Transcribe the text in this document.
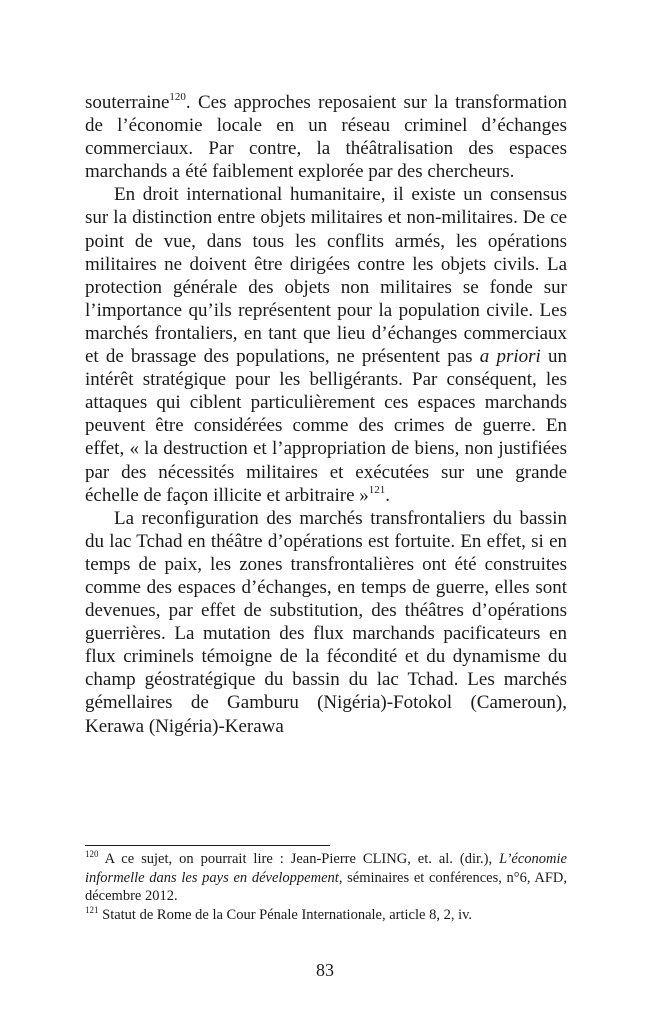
souterraine$^{120}$. Ces approches reposaient sur la transformation de l’économie locale en un réseau criminel d’échanges commerciaux. Par contre, la théâtralisation des espaces marchands a été faiblement explorée par des chercheurs.

En droit international humanitaire, il existe un consensus sur la distinction entre objets militaires et non-militaires. De ce point de vue, dans tous les conflits armés, les opérations militaires ne doivent être dirigées contre les objets civils. La protection générale des objets non militaires se fonde sur l’importance qu’ils représentent pour la population civile. Les marchés frontaliers, en tant que lieu d’échanges commerciaux et de brassage des populations, ne présentent pas a priori un intérêt stratégique pour les belligérants. Par conséquent, les attaques qui ciblent particulièrement ces espaces marchands peuvent être considérées comme des crimes de guerre. En effet, « la destruction et l’appropriation de biens, non justifiées par des nécessités militaires et exécutées sur une grande échelle de façon illicite et arbitraire »$^{121}$.

La reconfiguration des marchés transfrontaliers du bassin du lac Tchad en théâtre d’opérations est fortuite. En effet, si en temps de paix, les zones transfrontalières ont été construites comme des espaces d’échanges, en temps de guerre, elles sont devenues, par effet de substitution, des théâtres d’opérations guerrières. La mutation des flux marchands pacificateurs en flux criminels témoigne de la fécondité et du dynamisme du champ géostratégique du bassin du lac Tchad. Les marchés gémellaires de Gamburu (Nigéria)-Fotokol (Cameroun), Kerawa (Nigéria)-Kerawa

$^{120}$ A ce sujet, on pourrait lire : Jean-Pierre CLING, et. al. (dir.), L’économie informelle dans les pays en développement, séminaires et conférences, n°6, AFD, décembre 2012.

$^{121}$ Statut de Rome de la Cour Pénale Internationale, article 8, 2, iv.

83
